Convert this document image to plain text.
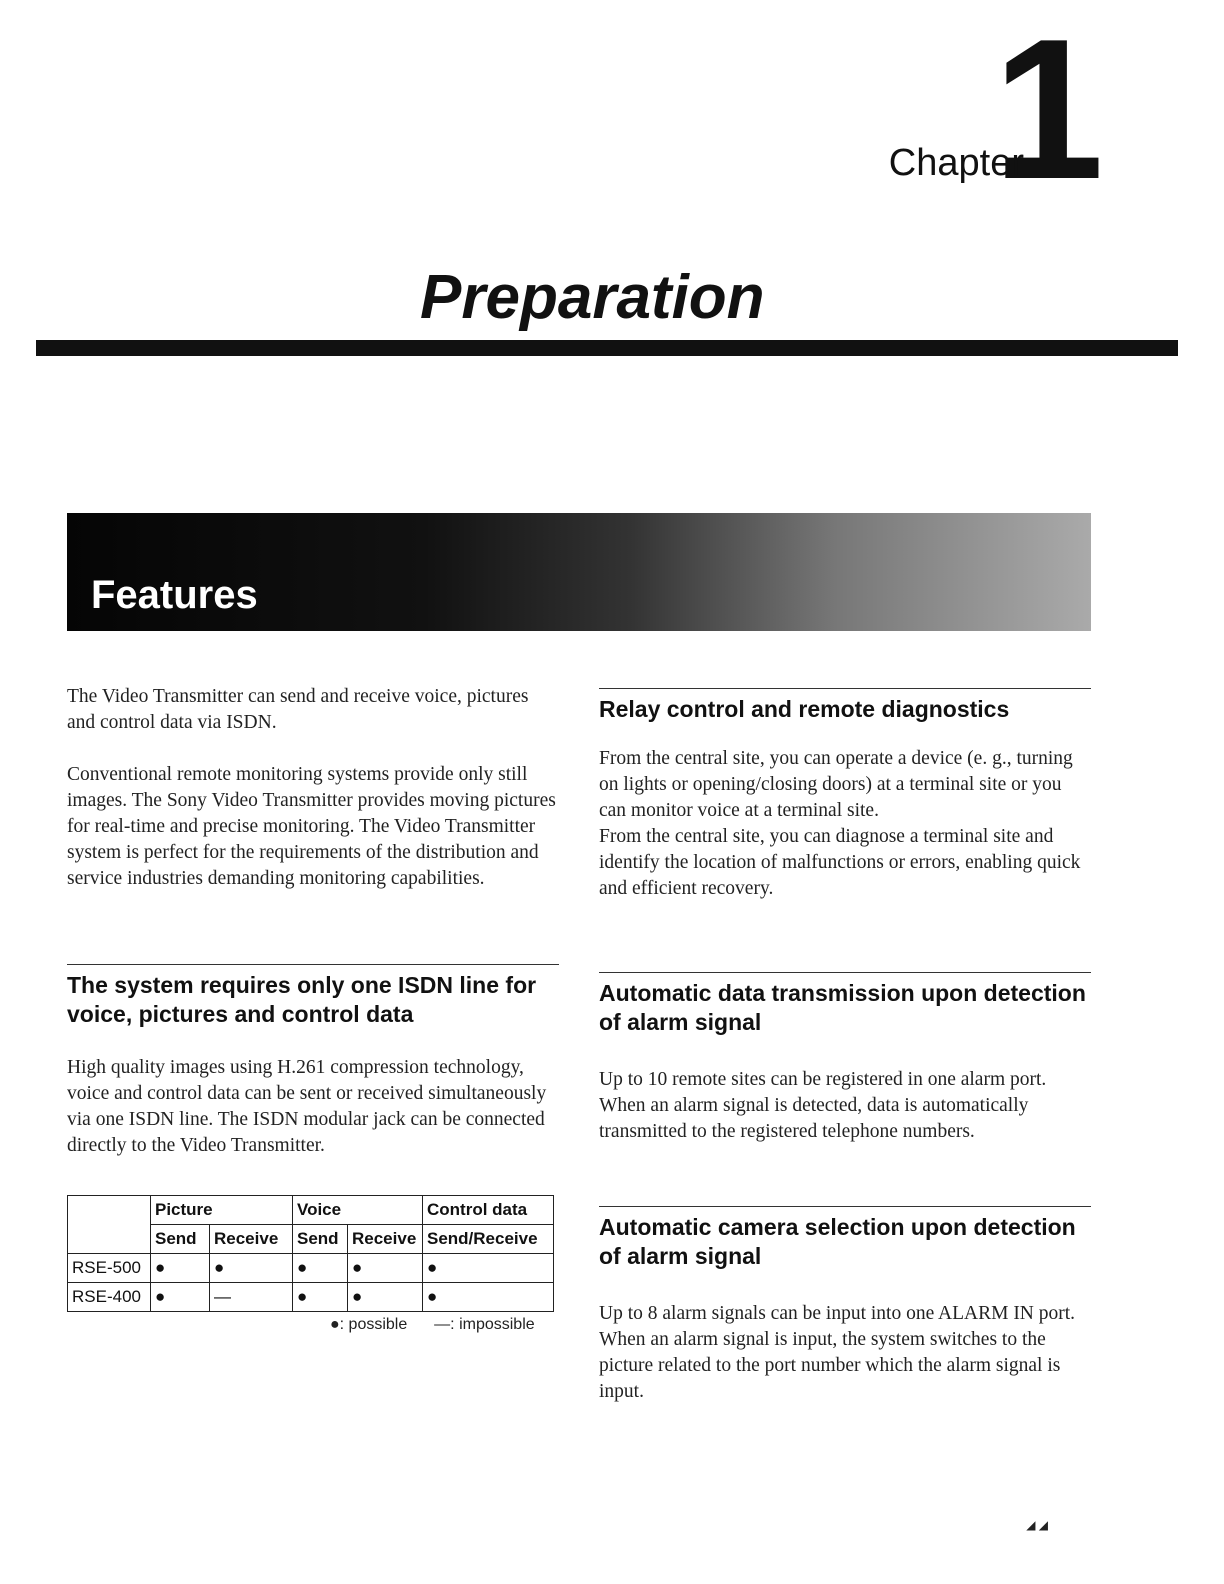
1
Chapter
Preparation
Features

The Video Transmitter can send and receive voice, pictures and control data via ISDN.

Conventional remote monitoring systems provide only still images. The Sony Video Transmitter provides moving pictures for real-time and precise monitoring. The Video Transmitter system is perfect for the requirements of the distribution and service industries demanding monitoring capabilities.

The system requires only one ISDN line for voice, pictures and control data

High quality images using H.261 compression technology, voice and control data can be sent or received simultaneously via one ISDN line. The ISDN modular jack can be connected directly to the Video Transmitter.

	Picture		Voice		Control data
	Send	Receive	Send	Receive	Send/Receive
RSE-500	●	●	●	●	●
RSE-400	●	—	●	●	●
●: possible —: impossible
Relay control and remote diagnostics

From the central site, you can operate a device (e. g., turning on lights or opening/closing doors) at a terminal site or you can monitor voice at a terminal site.

From the central site, you can diagnose a terminal site and identify the location of malfunctions or errors, enabling quick and efficient recovery.

Automatic data transmission upon detection of alarm signal

Up to 10 remote sites can be registered in one alarm port. When an alarm signal is detected, data is automatically transmitted to the registered telephone numbers.

Automatic camera selection upon detection of alarm signal

Up to 8 alarm signals can be input into one ALARM IN port. When an alarm signal is input, the system switches to the picture related to the port number which the alarm signal is input.

◢ ◢
